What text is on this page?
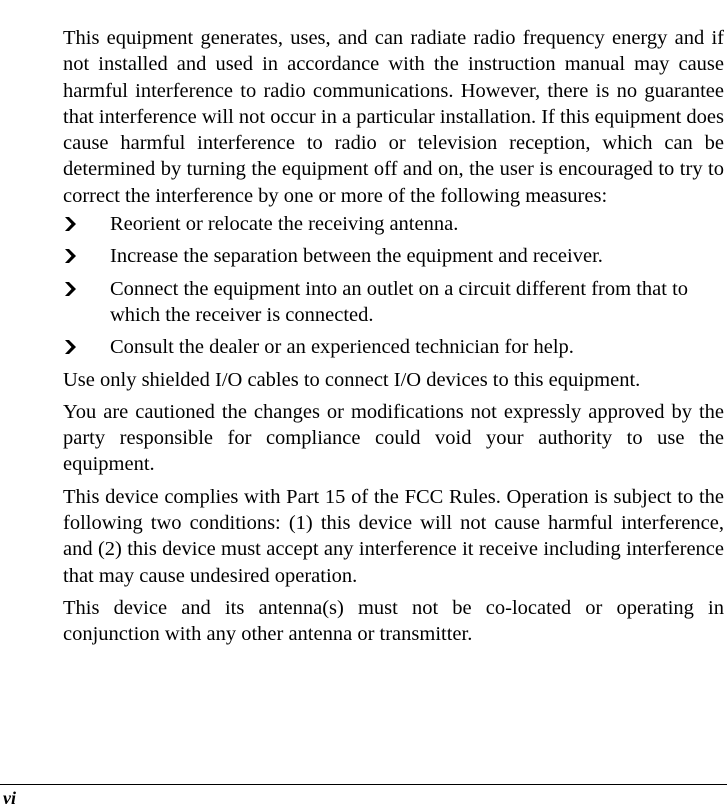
This equipment generates, uses, and can radiate radio frequency energy and if not installed and used in accordance with the instruction manual may cause harmful interference to radio communications. However, there is no guarantee that interference will not occur in a particular installation. If this equipment does cause harmful interference to radio or television reception, which can be determined by turning the equipment off and on, the user is encouraged to try to correct the interference by one or more of the following measures:

Reorient or relocate the receiving antenna.
Increase the separation between the equipment and receiver.
Connect the equipment into an outlet on a circuit different from that to which the receiver is connected.
Consult the dealer or an experienced technician for help.

Use only shielded I/O cables to connect I/O devices to this equipment.

You are cautioned the changes or modifications not expressly approved by the party responsible for compliance could void your authority to use the equipment.

This device complies with Part 15 of the FCC Rules. Operation is subject to the following two conditions: (1) this device will not cause harmful interference, and (2) this device must accept any interference it receive including interference that may cause undesired operation.

This device and its antenna(s) must not be co-located or operating in conjunction with any other antenna or transmitter.

vi
